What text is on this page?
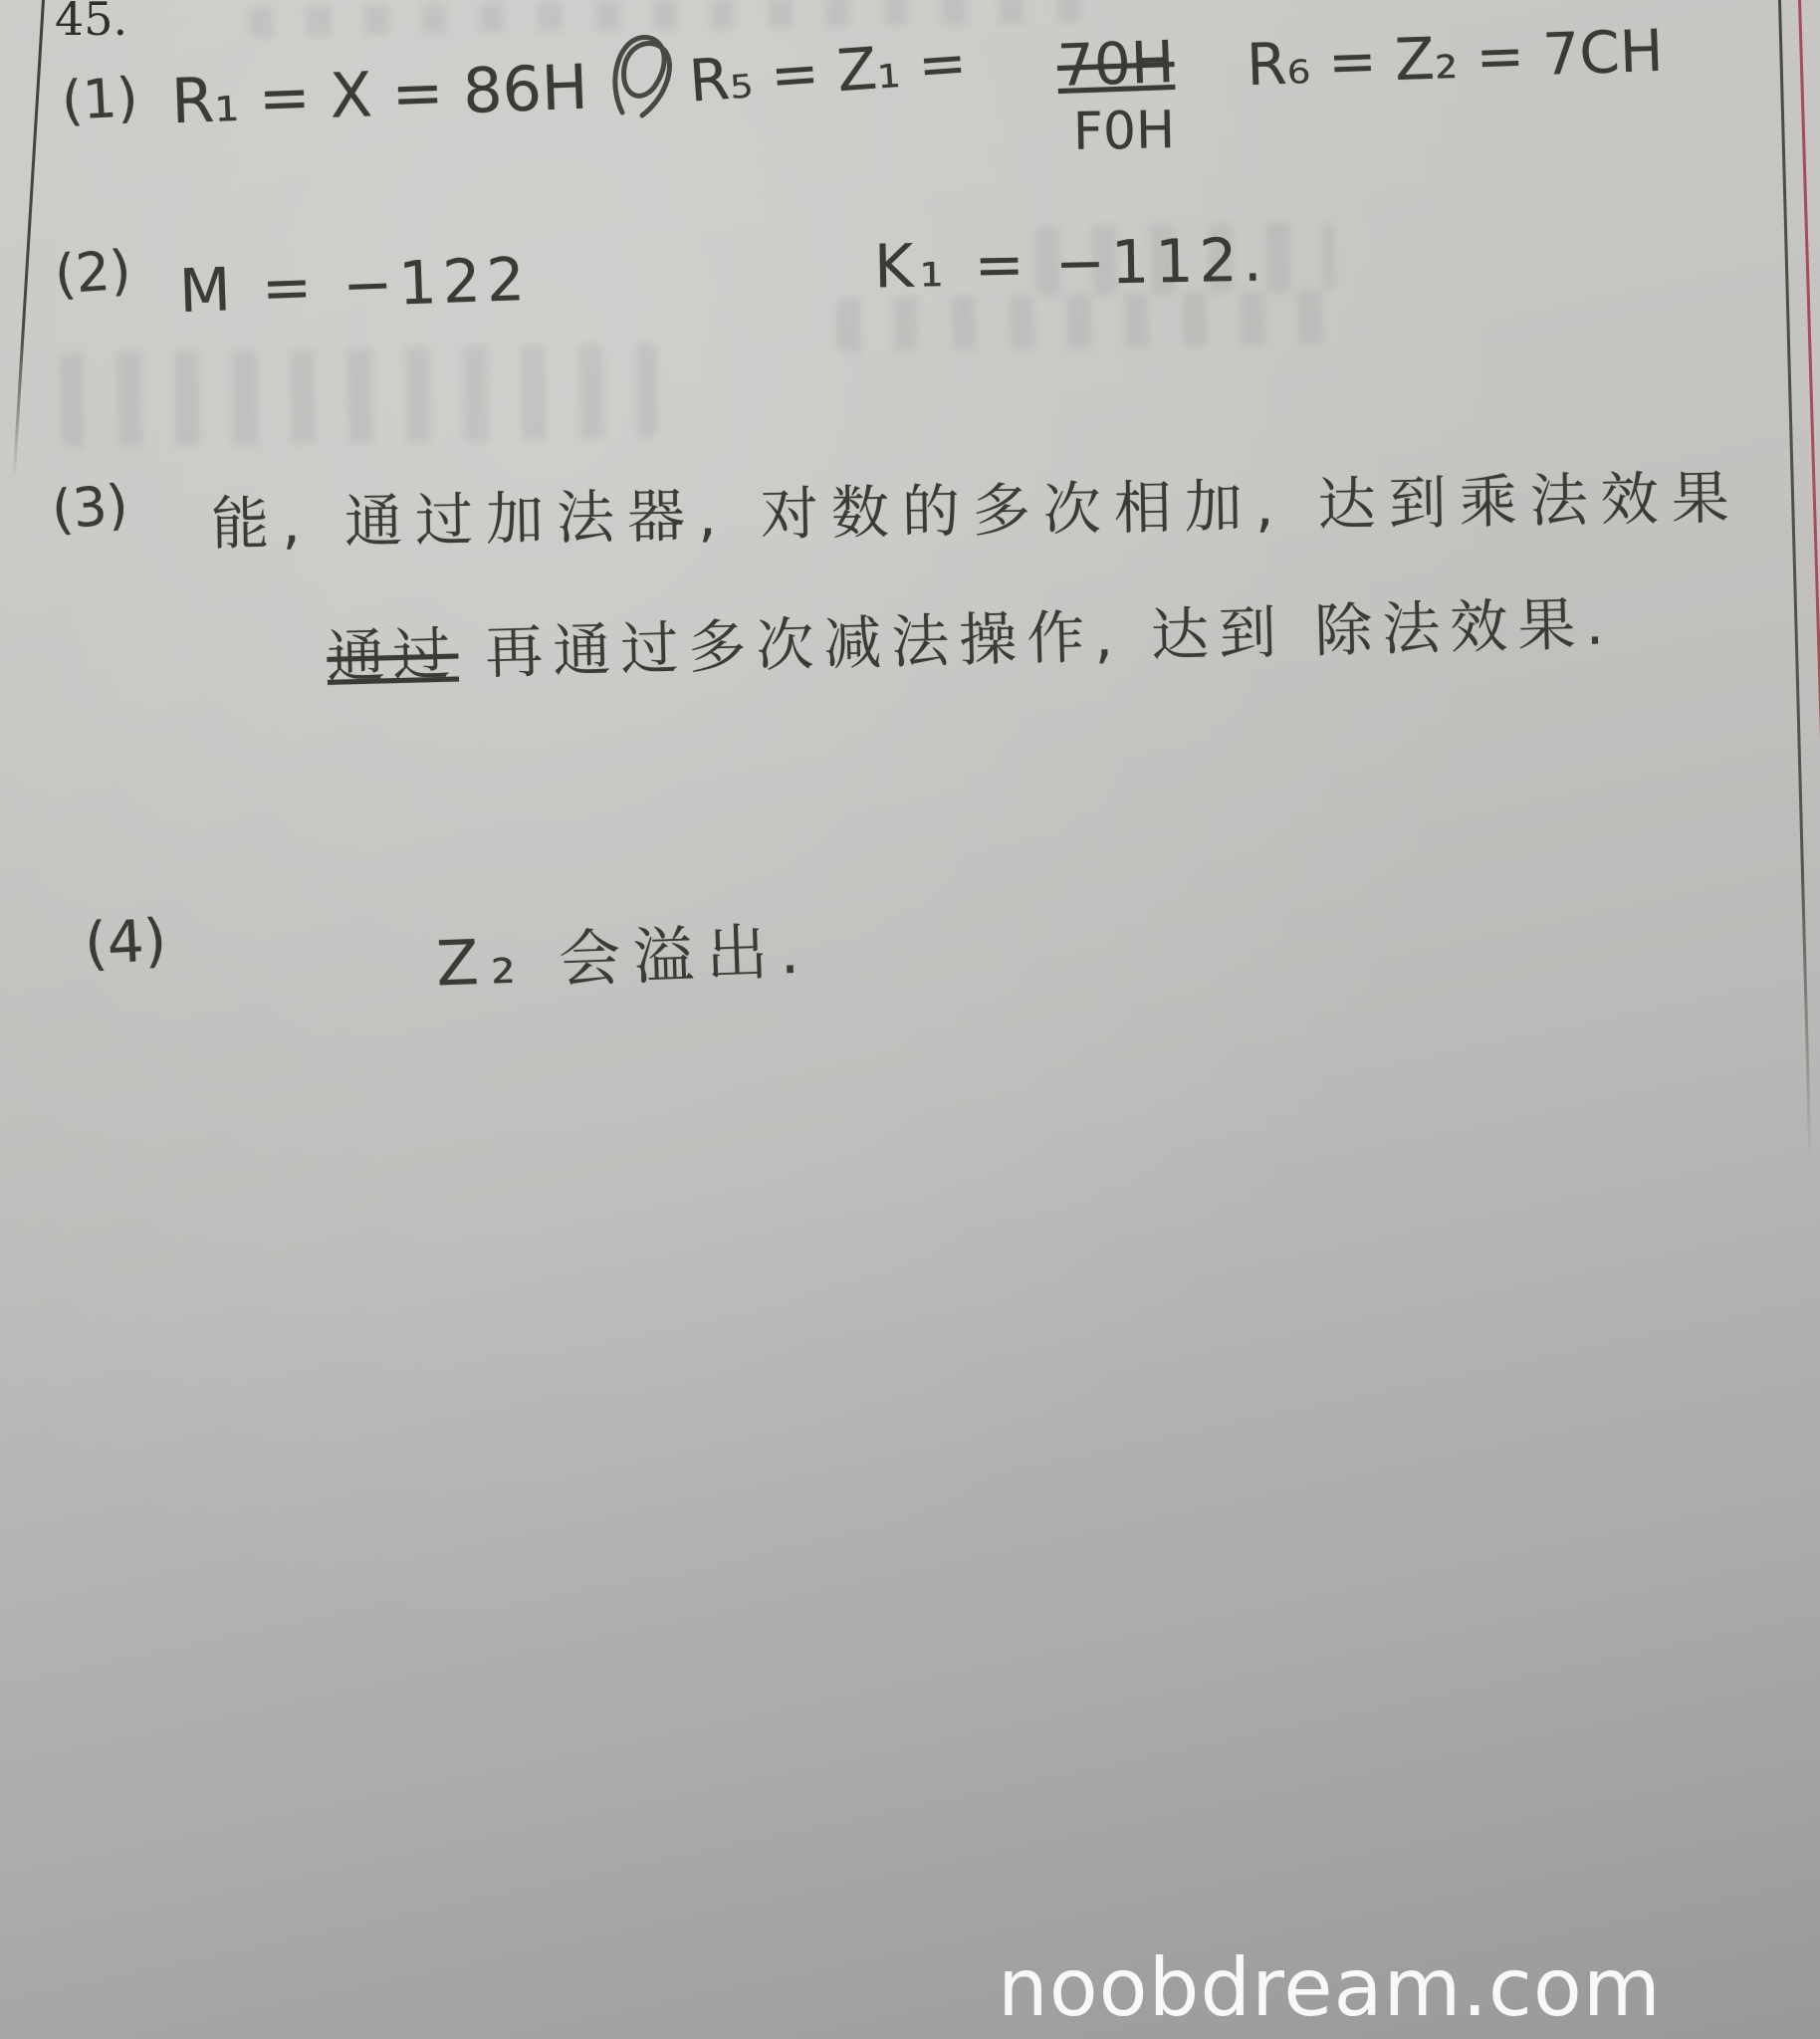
45.
(1) R₁ = X = 86H R₅ = Z₁ = 70H
F0H
R₆ = Z₂ = 7CH
(2) M = −122	K₁ = −112.
(3) 能, 通过加法器, 对数的多次相加, 达到乘法效果
通过 再通过多次减法操作, 达到 除法效果.
(4)	Z₂ 会溢出.
noobdream.com
